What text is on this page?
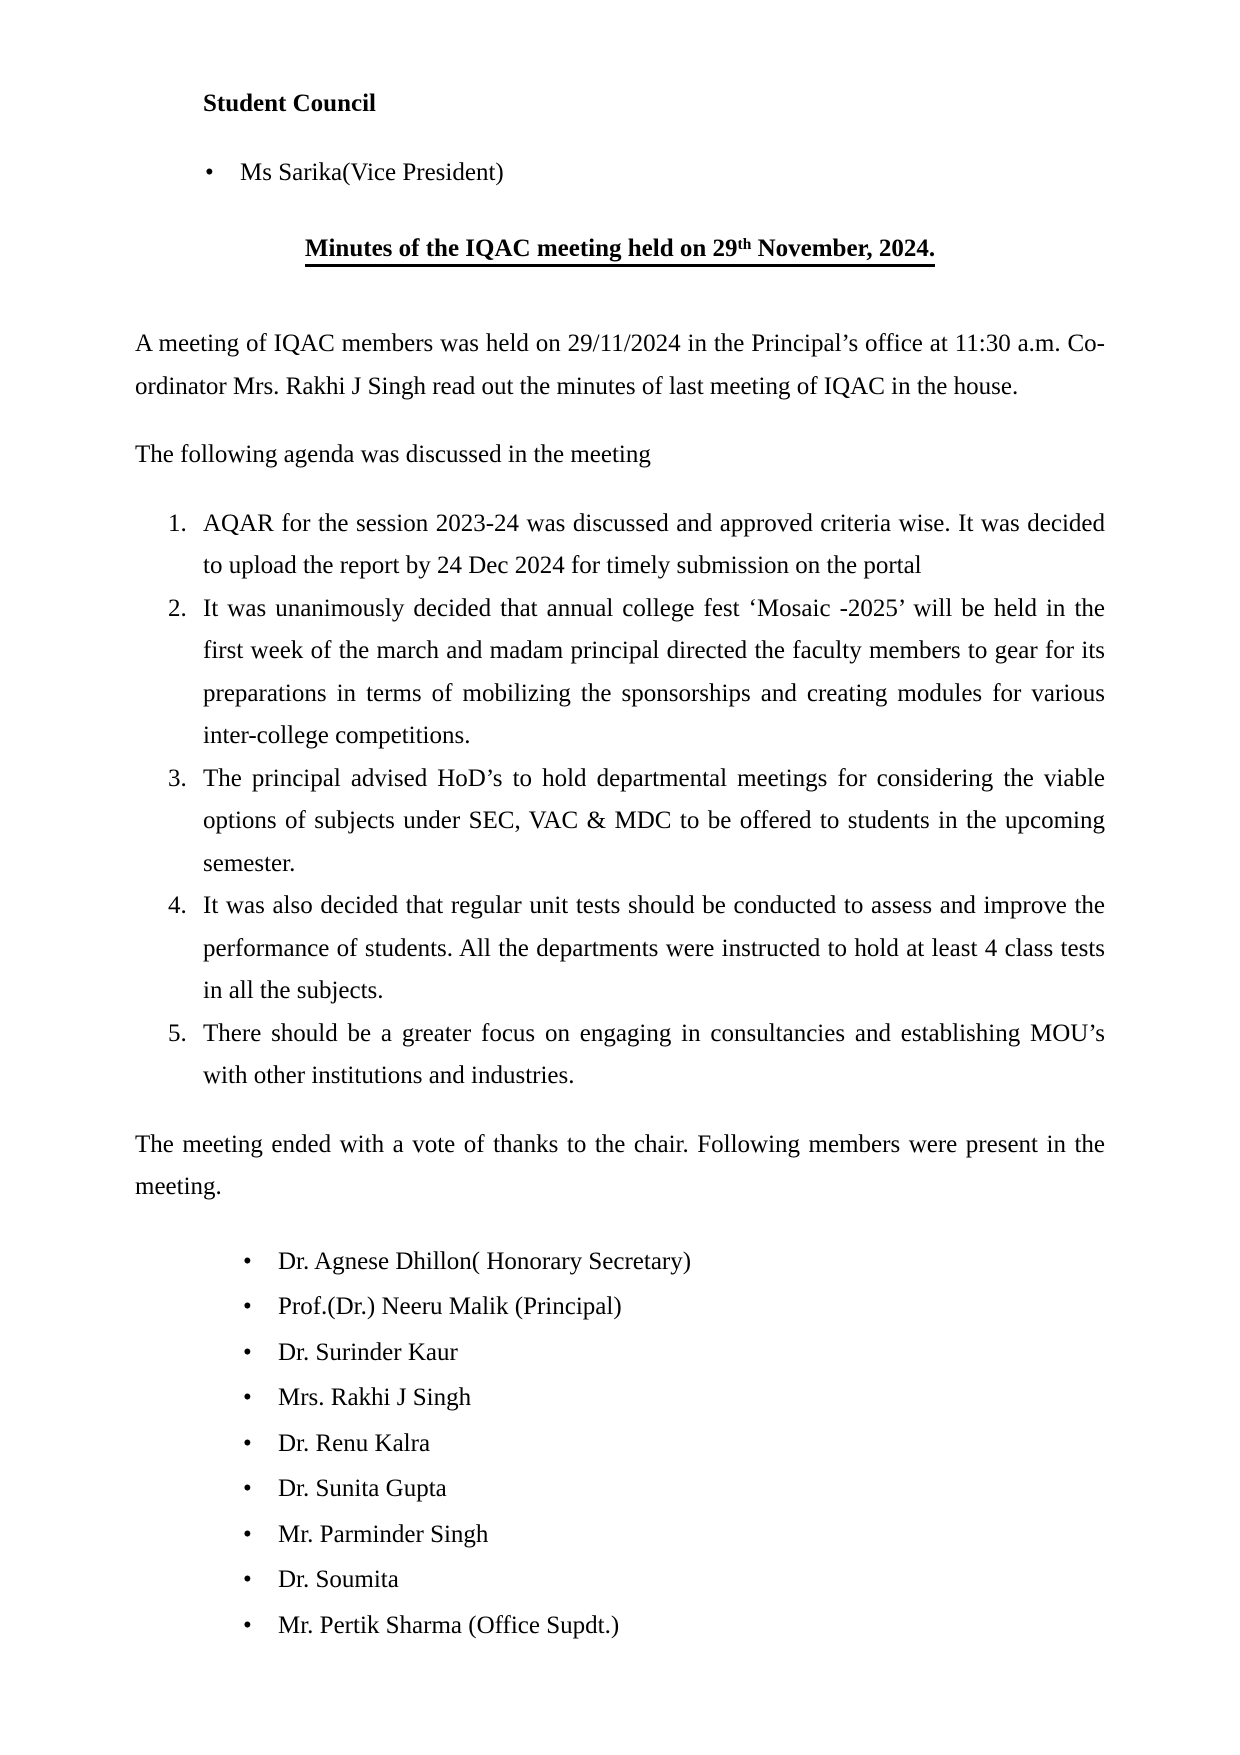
Student Council
• Ms Sarika(Vice President)
Minutes of the IQAC meeting held on 29th November, 2024.

A meeting of IQAC members was held on 29/11/2024 in the Principal’s office at 11:30 a.m. Co-ordinator Mrs. Rakhi J Singh read out the minutes of last meeting of IQAC in the house.

The following agenda was discussed in the meeting

1. AQAR for the session 2023-24 was discussed and approved criteria wise. It was decided to upload the report by 24 Dec 2024 for timely submission on the portal
2. It was unanimously decided that annual college fest ‘Mosaic -2025’ will be held in the first week of the march and madam principal directed the faculty members to gear for its preparations in terms of mobilizing the sponsorships and creating modules for various inter-college competitions.
3. The principal advised HoD’s to hold departmental meetings for considering the viable options of subjects under SEC, VAC & MDC to be offered to students in the upcoming semester.
4. It was also decided that regular unit tests should be conducted to assess and improve the performance of students. All the departments were instructed to hold at least 4 class tests in all the subjects.
5. There should be a greater focus on engaging in consultancies and establishing MOU’s with other institutions and industries.

The meeting ended with a vote of thanks to the chair. Following members were present in the meeting.

• Dr. Agnese Dhillon( Honorary Secretary)
• Prof.(Dr.) Neeru Malik (Principal)
• Dr. Surinder Kaur
• Mrs. Rakhi J Singh
• Dr. Renu Kalra
• Dr. Sunita Gupta
• Mr. Parminder Singh
• Dr. Soumita
• Mr. Pertik Sharma (Office Supdt.)
